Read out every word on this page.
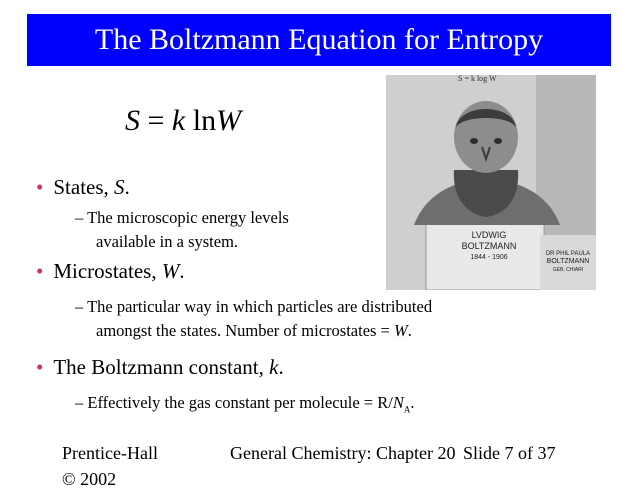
The Boltzmann Equation for Entropy
S = k lnW
• States, S.
– The microscopic energy levels
available in a system.
• Microstates, W.
– The particular way in which particles are distributed
amongst the states. Number of microstates = W.
• The Boltzmann constant, k.
– Effectively the gas constant per molecule = $R/N_A$.
S = k log W
LVDWIG
BOLTZMANN
1844 - 1906	DR PHIL PAULA
BOLTZMANN
GEB. CHIARI
Prentice-Hall
© 2002
General Chemistry: Chapter 20 Slide 7 of 37
